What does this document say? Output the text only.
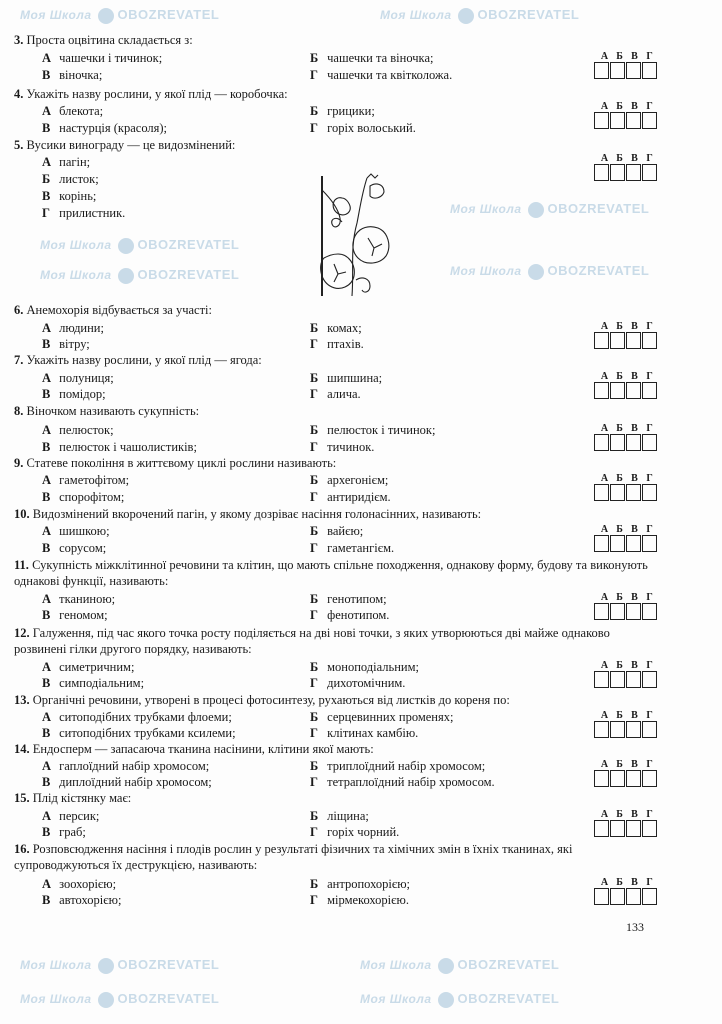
Моя Школа OBOZREVATEL	Моя Школа OBOZREVATEL
Моя Школа OBOZREVATEL
Моя Школа OBOZREVATEL
Моя Школа OBOZREVATEL
Моя Школа OBOZREVATEL
Моя Школа OBOZREVATEL	Моя Школа OBOZREVATEL
Моя Школа OBOZREVATEL	Моя Школа OBOZREVATEL
3. Проста оцвітина складається з:
А чашечки і тичинок;	Б чашечки та віночка;
В віночка;	Г чашечки та квітколожа.
А Б В Г
4. Укажіть назву рослини, у якої плід — коробочка:
А блекота;	Б грицики;
В настурція (красоля);	Г горіх волоський.
А Б В Г
5. Вусики винограду — це видозмінений:
А пагін;
Б листок;
В корінь;
Г прилистник.
А Б В Г
6. Анемохорія відбувається за участі:
А людини;	Б комах;
В вітру;	Г птахів.
А Б В Г
7. Укажіть назву рослини, у якої плід — ягода:
А полуниця;	Б шипшина;
В помідор;	Г алича.
А Б В Г
8. Віночком називають сукупність:
А пелюсток;	Б пелюсток і тичинок;
В пелюсток і чашолистиків;	Г тичинок.
А Б В Г
9. Статеве покоління в життєвому циклі рослини називають:
А гаметофітом;	Б архегонієм;
В спорофітом;	Г антиридієм.
А Б В Г
10. Видозмінений вкорочений пагін, у якому дозріває насіння голонасінних, називають:
А шишкою;	Б вайєю;
В сорусом;	Г гаметангієм.
А Б В Г
11. Сукупність міжклітинної речовини та клітин, що мають спільне походження, однакову форму, будову та виконують однакові функції, називають:
А тканиною;	Б генотипом;
В геномом;	Г фенотипом.
А Б В Г
12. Галуження, під час якого точка росту поділяється на дві нові точки, з яких утворюються дві майже однаково розвинені гілки другого порядку, називають:
А симетричним;	Б моноподіальним;
В симподіальним;	Г дихотомічним.
А Б В Г
13. Органічні речовини, утворені в процесі фотосинтезу, рухаються від листків до кореня по:
А ситоподібних трубками флоеми;	Б серцевинних променях;
В ситоподібних трубками ксилеми;	Г клітинах камбію.
А Б В Г
14. Ендосперм — запасаюча тканина насінини, клітини якої мають:
А гаплоїдний набір хромосом;	Б триплоїдний набір хромосом;
В диплоїдний набір хромосом;	Г тетраплоїдний набір хромосом.
А Б В Г
15. Плід кістянку має:
А персик;	Б ліщина;
В граб;	Г горіх чорний.
А Б В Г
16. Розповсюдження насіння і плодів рослин у результаті фізичних та хімічних змін в їхніх тканинах, які супроводжуються їх деструкцією, називають:
А зоохорією;	Б антропохорією;
В автохорією;	Г мірмекохорією.
А Б В Г
133
